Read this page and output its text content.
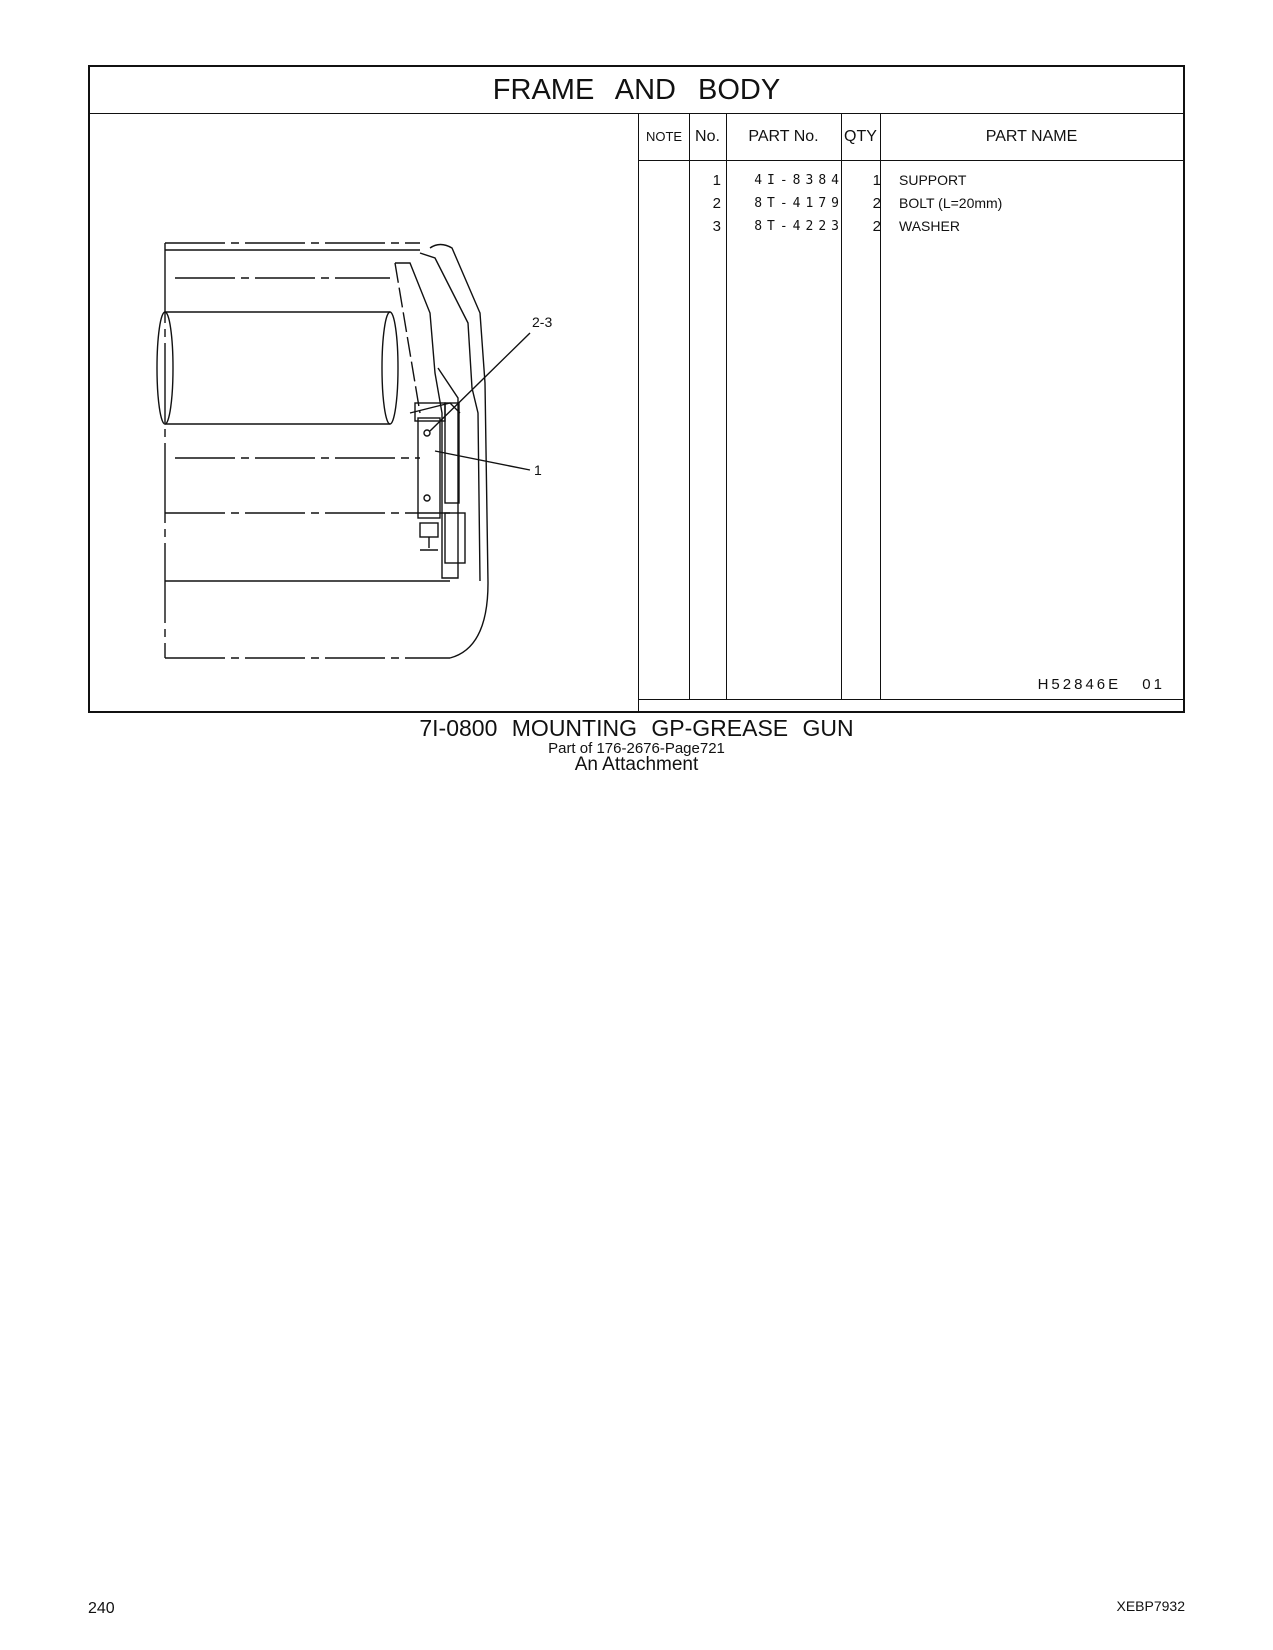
FRAME AND BODY
2-3
1
NOTE No.	PART No.	QTY	PART NAME
1	4I-8384	1 SUPPORT
2	8T-4179	2 BOLT (L=20mm)
3	8T-4223	2 WASHER
H52846E 01
7I-0800 MOUNTING GP-GREASE GUN
Part of 176-2676-Page721
An Attachment
240	XEBP7932
